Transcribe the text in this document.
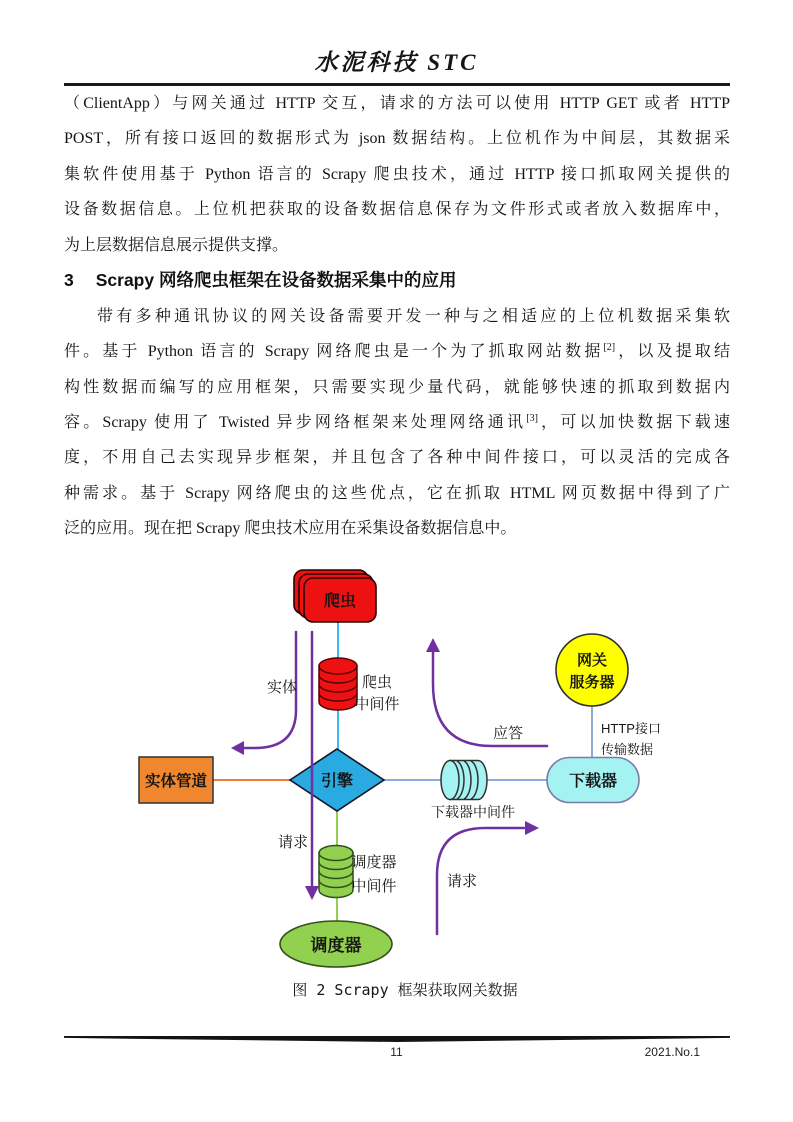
水泥科技 STC
（ClientApp）与网关通过 HTTP 交互，请求的方法可以使用 HTTP GET 或者 HTTP
POST，所有接口返回的数据形式为 json 数据结构。上位机作为中间层，其数据采
集软件使用基于 Python 语言的 Scrapy 爬虫技术，通过 HTTP 接口抓取网关提供的
设备数据信息。上位机把获取的设备数据信息保存为文件形式或者放入数据库中，
为上层数据信息展示提供支撑。
3 Scrapy 网络爬虫框架在设备数据采集中的应用
带有多种通讯协议的网关设备需要开发一种与之相适应的上位机数据采集软
件。基于 Python 语言的 Scrapy 网络爬虫是一个为了抓取网站数据[2]，以及提取结
构性数据而编写的应用框架，只需要实现少量代码，就能够快速的抓取到数据内
容。Scrapy 使用了 Twisted 异步网络框架来处理网络通讯[3]，可以加快数据下载速
度，不用自己去实现异步框架，并且包含了各种中间件接口，可以灵活的完成各
种需求。基于 Scrapy 网络爬虫的这些优点，它在抓取 HTML 网页数据中得到了广
泛的应用。现在把 Scrapy 爬虫技术应用在采集设备数据信息中。
爬虫
爬虫
中间件
实体管道	引擎
下载器中间件
下载器
网关
服务器
HTTP接口
传输数据
调度器
中间件
调度器
实体
请求
应答
请求
图 2 Scrapy 框架获取网关数据
11	2021.No.1
